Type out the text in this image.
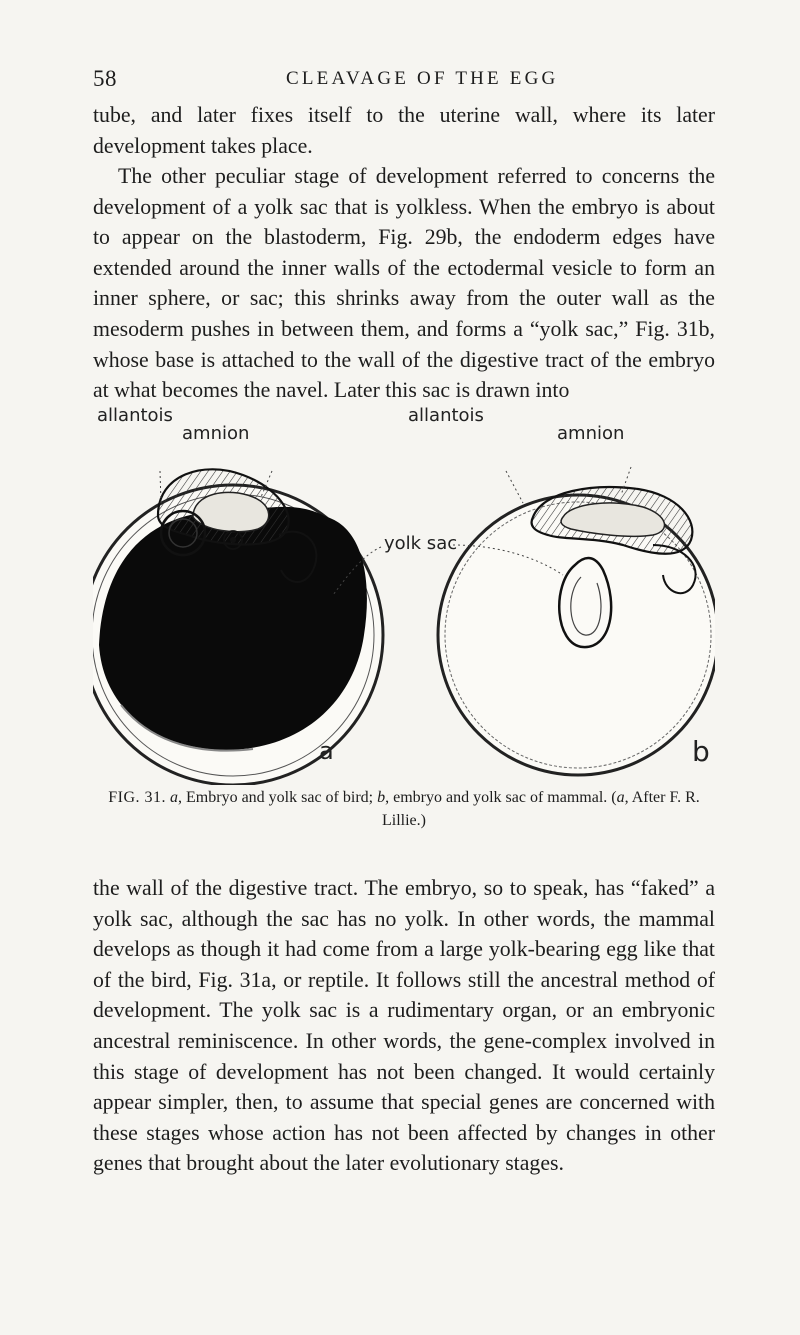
58	CLEAVAGE OF THE EGG

tube, and later fixes itself to the uterine wall, where its later development takes place.

The other peculiar stage of development referred to concerns the development of a yolk sac that is yolkless. When the embryo is about to appear on the blastoderm, Fig. 29b, the endoderm edges have extended around the inner walls of the ectodermal vesicle to form an inner sphere, or sac; this shrinks away from the outer wall as the mesoderm pushes in between them, and forms a “yolk sac,” Fig. 31b, whose base is attached to the wall of the digestive tract of the embryo at what becomes the navel. Later this sac is drawn into

allantois
amnion
yolk sac
allantois
amnion
a	b
FIG. 31. a, Embryo and yolk sac of bird; b, embryo and yolk sac of mammal. (a, After F. R. Lillie.)

the wall of the digestive tract. The embryo, so to speak, has “faked” a yolk sac, although the sac has no yolk. In other words, the mammal develops as though it had come from a large yolk-bearing egg like that of the bird, Fig. 31a, or reptile. It follows still the ancestral method of development. The yolk sac is a rudimentary organ, or an embryonic ancestral reminiscence. In other words, the gene-complex involved in this stage of development has not been changed. It would certainly appear simpler, then, to assume that special genes are concerned with these stages whose action has not been affected by changes in other genes that brought about the later evolutionary stages.
